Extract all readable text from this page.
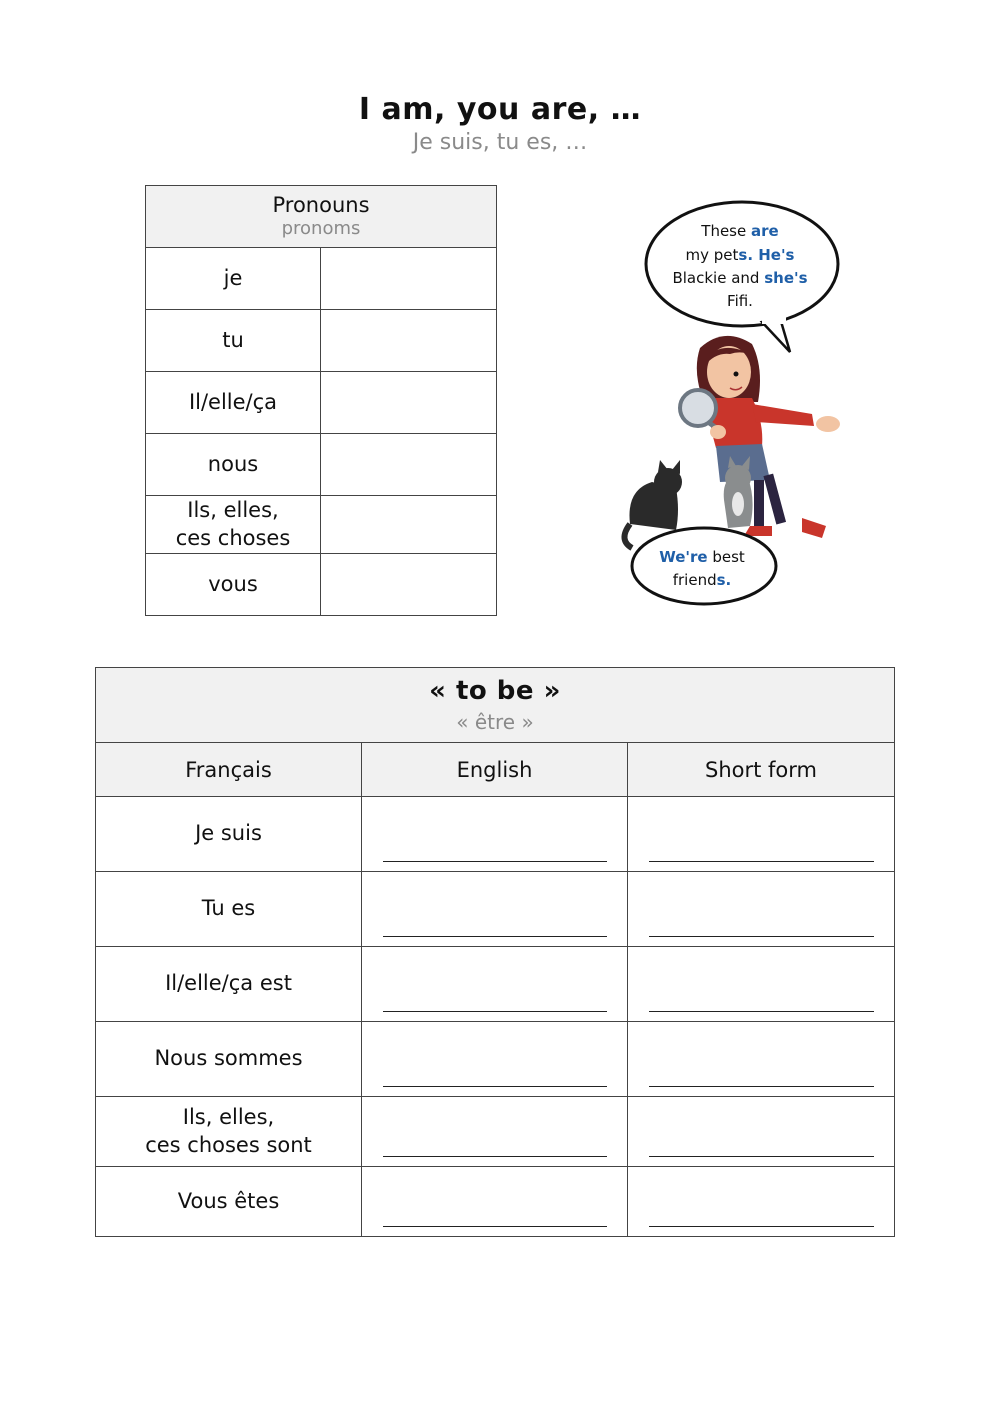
I am, you are, …
Je suis, tu es, …
Pronouns
pronoms	

je	
tu	
Il/elle/ça	
nous	
Ils, elles,
ces choses	
vous	
These are
my pets. He's
Blackie and she's
Fifi.
We're best
friends.
« to be »
« être »		

Français	English	Short form
Je suis	

Tu es	

Il/elle/ça est	

Nous sommes	

Ils, elles,
ces choses sont	

Vous êtes	
